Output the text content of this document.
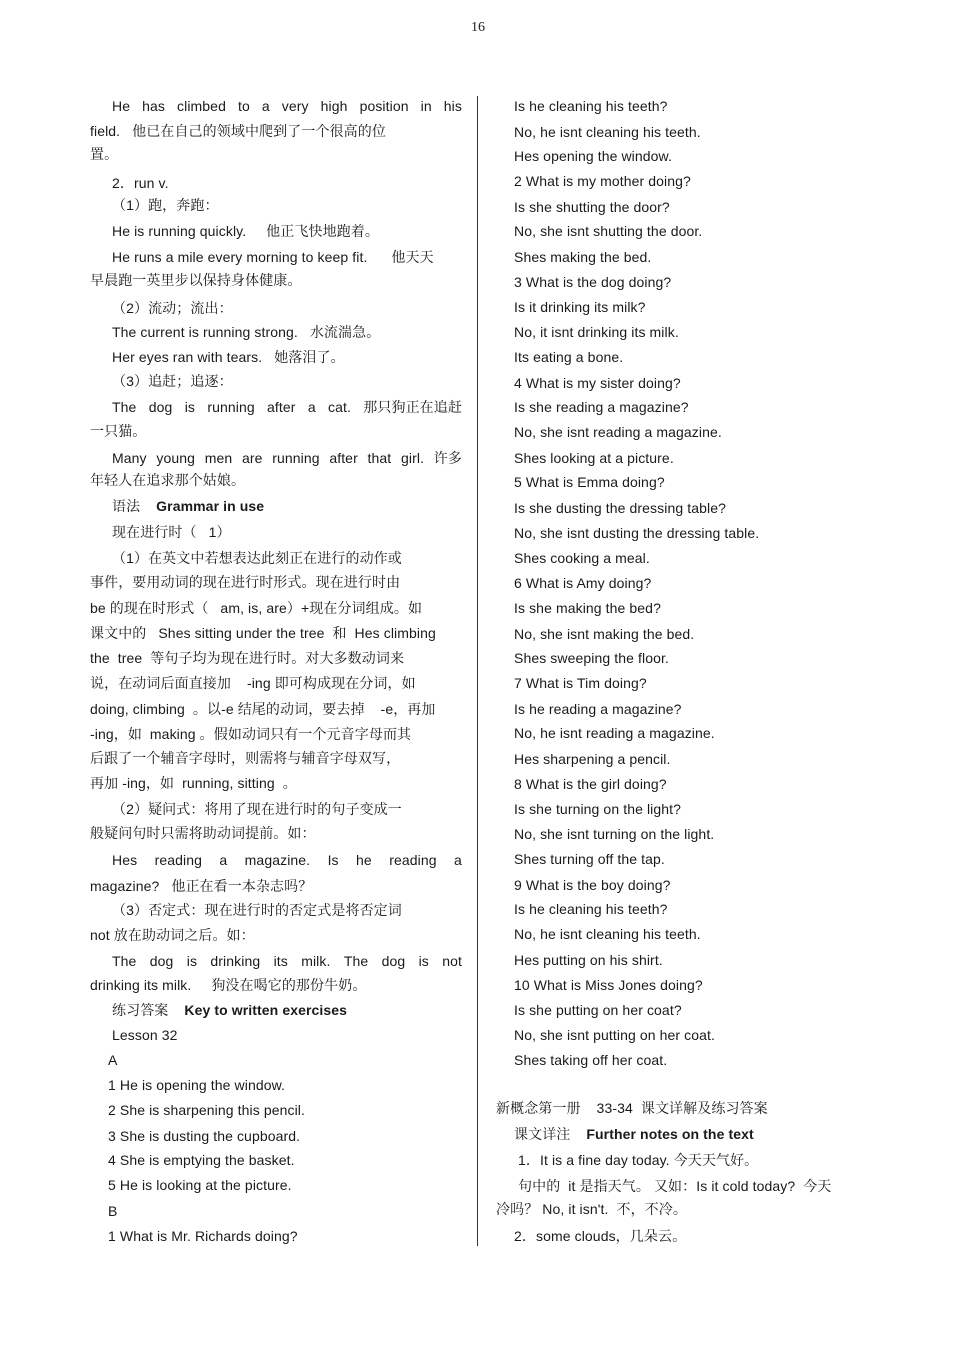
16
He has climbed to a very high position in his
field.   他已在自己的领域中爬到了一个很高的位
置。
2．run v.
（1）跑，奔跑：
He is running quickly.     他正飞快地跑着。
He runs a mile every morning to keep fit.      他天天
早晨跑一英里步以保持身体健康。
（2）流动；流出：
The current is running strong.   水流湍急。
Her eyes ran with tears.   她落泪了。
（3）追赶；追逐：
The dog is running after a cat. 那只狗正在追赶
一只猫。
Many young men are running after that girl. 许多
年轻人在追求那个姑娘。
语法    Grammar in use
现在进行时（   1）
（1）在英文中若想表达此刻正在进行的动作或
事件，要用动词的现在进行时形式。现在进行时由
be 的现在时形式（   am, is, are）+现在分词组成。如
课文中的   Shes sitting under the tree  和  Hes climbing
the  tree  等句子均为现在进行时。对大多数动词来
说，在动词后面直接加    -ing 即可构成现在分词，如
doing, climbing  。以-e 结尾的动词，要去掉    -e，再加
-ing，如  making 。假如动词只有一个元音字母而其
后跟了一个辅音字母时，则需将与辅音字母双写，
再加 -ing，如  running, sitting  。
（2）疑问式：将用了现在进行时的句子变成一
般疑问句时只需将助动词提前。如：
Hes reading a magazine. Is he reading a
magazine?   他正在看一本杂志吗？
（3）否定式：现在进行时的否定式是将否定词
not 放在助动词之后。如：
The dog is drinking its milk. The dog is not
drinking its milk.     狗没在喝它的那份牛奶。
练习答案    Key to written exercises
Lesson 32
A
1 He is opening the window.
2 She is sharpening this pencil.
3 She is dusting the cupboard.
4 She is emptying the basket.
5 He is looking at the picture.
B
1 What is Mr. Richards doing?
Is he cleaning his teeth?
No, he isnt cleaning his teeth.
Hes opening the window.
2 What is my mother doing?
Is she shutting the door?
No, she isnt shutting the door.
Shes making the bed.
3 What is the dog doing?
Is it drinking its milk?
No, it isnt drinking its milk.
Its eating a bone.
4 What is my sister doing?
Is she reading a magazine?
No, she isnt reading a magazine.
Shes looking at a picture.
5 What is Emma doing?
Is she dusting the dressing table?
No, she isnt dusting the dressing table.
Shes cooking a meal.
6 What is Amy doing?
Is she making the bed?
No, she isnt making the bed.
Shes sweeping the floor.
7 What is Tim doing?
Is he reading a magazine?
No, he isnt reading a magazine.
Hes sharpening a pencil.
8 What is the girl doing?
Is she turning on the light?
No, she isnt turning on the light.
Shes turning off the tap.
9 What is the boy doing?
Is he cleaning his teeth?
No, he isnt cleaning his teeth.
Hes putting on his shirt.
10 What is Miss Jones doing?
Is she putting on her coat?
No, she isnt putting on her coat.
Shes taking off her coat.
新概念第一册    33-34  课文详解及练习答案
课文详注    Further notes on the text
1．It is a fine day today. 今天天气好。
句中的  it 是指天气。 又如：Is it cold today?  今天
冷吗？ No, it isn't.  不，不冷。
2．some clouds，几朵云。
